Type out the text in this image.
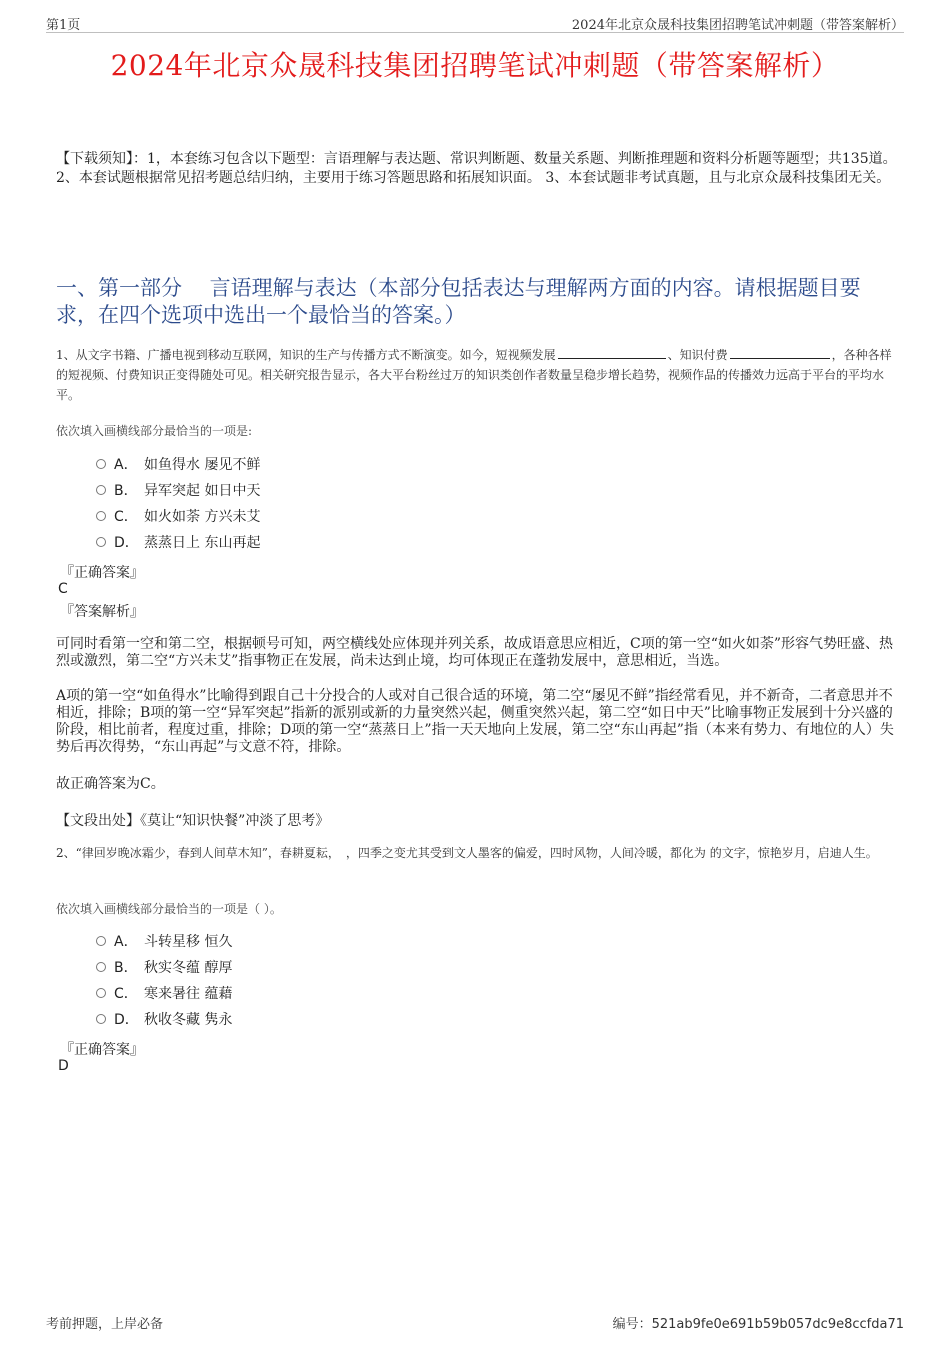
第1页	2024年北京众晟科技集团招聘笔试冲刺题（带答案解析）
2024年北京众晟科技集团招聘笔试冲刺题（带答案解析）
【下载须知】：1，本套练习包含以下题型：言语理解与表达题、常识判断题、数量关系题、判断推理题和资料分析题等题型；共135道。 2、本套试题根据常见招考题总结归纳，主要用于练习答题思路和拓展知识面。 3、本套试题非考试真题，且与北京众晟科技集团无关。
一、第一部分　 言语理解与表达（本部分包括表达与理解两方面的内容。请根据题目要求，在四个选项中选出一个最恰当的答案。）
1、从文字书籍、广播电视到移动互联网，知识的生产与传播方式不断演变。如今，短视频发展	、知识付费	，各种各样的短视频、付费知识正变得随处可见。相关研究报告显示，各大平台粉丝过万的知识类创作者数量呈稳步增长趋势，视频作品的传播效力远高于平台的平均水平。
依次填入画横线部分最恰当的一项是:
A． 如鱼得水 屡见不鲜
B． 异军突起 如日中天
C． 如火如荼 方兴未艾
D． 蒸蒸日上 东山再起
『正确答案』
C
『答案解析』
可同时看第一空和第二空，根据顿号可知，两空横线处应体现并列关系，故成语意思应相近，C项的第一空“如火如荼”形容气势旺盛、热烈或激烈，第二空“方兴未艾”指事物正在发展，尚未达到止境，均可体现正在蓬勃发展中，意思相近，当选。
A项的第一空“如鱼得水”比喻得到跟自己十分投合的人或对自己很合适的环境，第二空“屡见不鲜”指经常看见，并不新奇，二者意思并不相近，排除；B项的第一空“异军突起”指新的派别或新的力量突然兴起，侧重突然兴起，第二空“如日中天”比喻事物正发展到十分兴盛的阶段，相比前者，程度过重，排除；D项的第一空“蒸蒸日上”指一天天地向上发展，第二空“东山再起”指（本来有势力、有地位的人）失势后再次得势，“东山再起”与文意不符，排除。
故正确答案为C。
【文段出处】《莫让“知识快餐”冲淡了思考》
2、“律回岁晚冰霜少，春到人间草木知”，春耕夏耘，　，四季之变尤其受到文人墨客的偏爱，四时风物，人间冷暖，都化为 的文字，惊艳岁月，启迪人生。
依次填入画横线部分最恰当的一项是（ ）。
A． 斗转星移 恒久
B． 秋实冬蕴 醇厚
C． 寒来暑往 蕴藉
D． 秋收冬藏 隽永
『正确答案』
D
考前押题，上岸必备	编号：521ab9fe0e691b59b057dc9e8ccfda71
